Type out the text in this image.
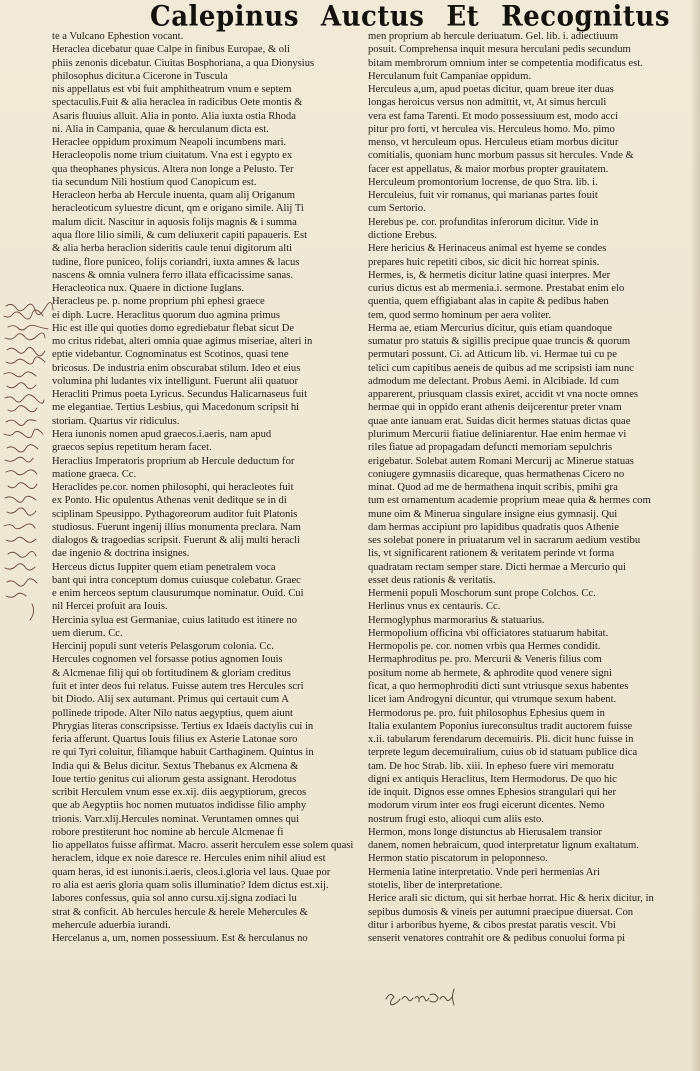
Calepinus Auctus Et Recognitus
te a Vulcano Ephestion vocant.
Heraclea dicebatur quae Calpe in finibus Europae, & oli
phiis zenonis dicebatur. Ciuitas Bosphoriana, a qua Dionysius
philosophus dicitur.a Cicerone in Tuscula
nis appellatus est vbi fuit amphitheatrum vnum e septem
spectaculis.Fuit & alia heraclea in radicibus Oete montis &
Asaris fluuius alluit. Alia in ponto. Alia iuxta ostia Rhoda
ni. Alia in Campania, quae & herculanum dicta est.
Heraclee oppidum proximum Neapoli incumbens mari.
Heracleopolis nome trium ciuitatum. Vna est i egypto ex
qua theophanes physicus. Altera non longe a Pelusto. Ter
tia secundum Nili hostium quod Canopicum est.
Heracleon herba ab Hercule inuenta, quam alij Origanum
heracleoticum syluestre dicunt, qm e origano simile. Alij Ti
malum dicit. Nascitur in aquosis folijs magnis & i summa
aqua flore lilio simili, & cum deliuxerit capiti papaueris. Est
& alia herba heraclion sideritis caule tenui digitorum alti
tudine, flore puniceo, folijs coriandri, iuxta amnes & lacus
nascens & omnia vulnera ferro illata efficacissime sanas.
Heracleotica nux. Quaere in dictione Iuglans.
Heracleus pe. p. nome proprium phi ephesi graece
ei diph. Lucre. Heraclitus quorum duo agmina primus
Hic est ille qui quoties domo egrediebatur flebat sicut De
mo critus ridebat, alteri omnia quae agimus miseriae, alteri in
eptie videbantur. Cognominatus est Scotinos, quasi tene
bricosus. De industria enim obscurabat stilum. Ideo et eius
volumina phi ludantes vix intelligunt. Fuerunt alii quatuor
Heracliti Primus poeta Lyricus. Secundus Halicarnaseus fuit
me elegantiae. Tertius Lesbius, qui Macedonum scripsit hi
storiam. Quartus vir ridiculus.
Hera iunonis nomen apud graecos.i.aeris, nam apud
graecos sepius repetitum heram facet.
Heraclius Imperatoris proprium ab Hercule deductum for
matione graeca. Cc.
Heraclides pe.cor. nomen philosophi, qui heracleotes fuit
ex Ponto. Hic opulentus Athenas venit deditque se in di
sciplinam Speusippo. Pythagoreorum auditor fuit Platonis
studiosus. Fuerunt ingenij illius monumenta preclara. Nam
dialogos & tragoedias scripsit. Fuerunt & alij multi heracli
dae ingenio & doctrina insignes.
Herceus dictus Iuppiter quem etiam penetralem voca
bant qui intra conceptum domus cuiusque colebatur. Graec
e enim herceos septum clausurumque nominatur. Ouid. Cui
nil Hercei profuit ara Iouis.
Hercinia sylua est Germaniae, cuius latitudo est itinere no
uem dierum. Cc.
Hercinij populi sunt veteris Pelasgorum colonia. Cc.
Hercules cognomen vel forsasse potius agnomen Iouis
& Alcmenae filij qui ob fortitudinem & gloriam creditus
fuit et inter deos fui relatus. Fuisse autem tres Hercules scri
bit Diodo. Alij sex autumant. Primus qui certauit cum A
pollinede tripode. Alter Nilo natus aegyptius, quem aiunt
Phrygias literas conscripsisse. Tertius ex Idaeis dactylis cui in
feria afferunt. Quartus Iouis filius ex Asterie Latonae soro
re qui Tyri coluitur, filiamque habuit Carthaginem. Quintus in
India qui & Belus dicitur. Sextus Thebanus ex Alcmena &
Ioue tertio genitus cui aliorum gesta assignant. Herodotus
scribit Herculem vnum esse ex.xij. diis aegyptiorum, grecos
que ab Aegyptiis hoc nomen mutuatos indidisse filio amphy
trionis. Varr.xlij.Hercules nominat. Veruntamen omnes qui
robore prestiterunt hoc nomine ab hercule Alcmenae fi
lio appellatos fuisse affirmat. Macro. asserit herculem esse solem quasi
heraclem, idque ex noie daresce re. Hercules enim nihil aliud est
quam heras, id est iunonis.i.aeris, cleos.i.gloria vel laus. Quae por
ro alia est aeris gloria quam solis illuminatio? Idem dictus est.xij.
labores confessus, quia sol anno cursu.xij.signa zodiaci lu
strat & conficit. Ab hercules hercule & herele Mehercules &
mehercule aduerbia iurandi.
Hercelanus a, um, nomen possessiuum. Est & herculanus no
men proprium ab hercule deriuatum. Gel. lib. i. adiectiuum
posuit. Comprehensa inquit mesura herculani pedis secundum
bitam membrorum omnium inter se competentia modificatus est.
Herculanum fuit Campaniae oppidum.
Herculeus a,um, apud poetas dicitur, quam breue iter duas
longas heroicus versus non admittit, vt, At simus herculi
vera est fama Tarenti. Et modo possessiuum est, modo acci
pitur pro forti, vt herculea vis. Herculeus homo. Mo. pimo
menso, vt herculeum opus. Herculeus etiam morbus dicitur
comitialis, quoniam hunc morbum passus sit hercules. Vnde &
facer est appellatus, & maior morbus propter grauitatem.
Herculeum promontorium locrense, de quo Stra. lib. i.
Herculeius, fuit vir romanus, qui marianas partes fouit
cum Sertorio.
Herebus pe. cor. profunditas inferorum dicitur. Vide in
dictione Erebus.
Here hericius & Herinaceus animal est hyeme se condes
prepares huic repetiti cibos, sic dicit hic horreat spinis.
Hermes, is, & hermetis dicitur latine quasi interpres. Mer
curius dictus est ab mermenia.i. sermone. Prestabat enim elo
quentia, quem effigiabant alas in capite & pedibus haben
tem, quod sermo hominum per aera voliter.
Herma ae, etiam Mercurius dicitur, quis etiam quandoque
sumatur pro statuis & sigillis precipue quae truncis & quorum
permutari possunt. Ci. ad Atticum lib. vi. Hermae tui cu pe
telici cum capitibus aeneis de quibus ad me scripsisti iam nunc
admodum me delectant. Probus Aemi. in Alcibiade. Id cum
apparerent, priusquam classis exiret, accidit vt vna nocte omnes
hermae qui in oppido erant athenis deijcerentur preter vnam
quae ante ianuam erat. Suidas dicit hermes statuas dictas quae
plurimum Mercurii fiatiue deliniarentur. Hae enim hermae vi
riles fiatue ad propagadam defuncti memoriam sepulchris
erigebatur. Solebat autem Romani Mercurij ac Minerue statuas
coniugere gymnasiis dicareque, quas hermathenas Cicero no
minat. Quod ad me de hermathena inquit scribis, pmihi gra
tum est ornamentum academie proprium meae quia & hermes com
mune oim & Minerua singulare insigne eius gymnasij. Qui
dam hermas accipiunt pro lapidibus quadratis quos Athenie
ses solebat ponere in priuatarum vel in sacrarum aedium vestibu
lis, vt significarent rationem & veritatem perinde vt forma
quadratam rectam semper stare. Dicti hermae a Mercurio qui
esset deus rationis & veritatis.
Hermenii populi Moschorum sunt prope Colchos. Cc.
Herlinus vnus ex centauris. Cc.
Hermoglyphus marmorarius & statuarius.
Hermopolium officina vbi officiatores statuarum habitat.
Hermopolis pe. cor. nomen vrbis qua Hermes condidit.
Hermaphroditus pe. pro. Mercurii & Veneris filius com
positum nome ab hermete, & aphrodite quod venere signi
ficat, a quo hermophroditi dicti sunt vtriusque sexus habentes
licet iam Androgyni dicuntur, qui vtrumque sexum habent.
Hermodorus pe. pro. fuit philosophus Ephesius quem in
Italia exulantem Poponius iureconsultus tradit auctorem fuisse
x.ii. tabularum ferendarum decemuiris. Pli. dicit hunc fuisse in
terprete legum decemuiralium, cuius ob id statuam publice dica
tam. De hoc Strab. lib. xiii. In epheso fuere viri memoratu
digni ex antiquis Heraclitus, Item Hermodorus. De quo hic
ide inquit. Dignos esse omnes Ephesios strangulari qui her
modorum virum inter eos frugi eicerunt dicentes. Nemo
nostrum frugi esto, alioqui cum aliis esto.
Hermon, mons longe distunctus ab Hierusalem transior
danem, nomen hebraicum, quod interpretatur lignum exaltatum.
Hermon statio piscatorum in peloponneso.
Hermenia latine interpretatio. Vnde peri hermenias Ari
stotelis, liber de interpretatione.
Herice arali sic dictum, qui sit herbae horrat. Hic & herix dicitur, in
sepibus dumosis & vineis per autumni praecipue diuersat. Con
ditur i arboribus hyeme, & cibos prestat paratis vescit. Vbi
senserit venatores contrahit ore & pedibus conuolui forma pi
